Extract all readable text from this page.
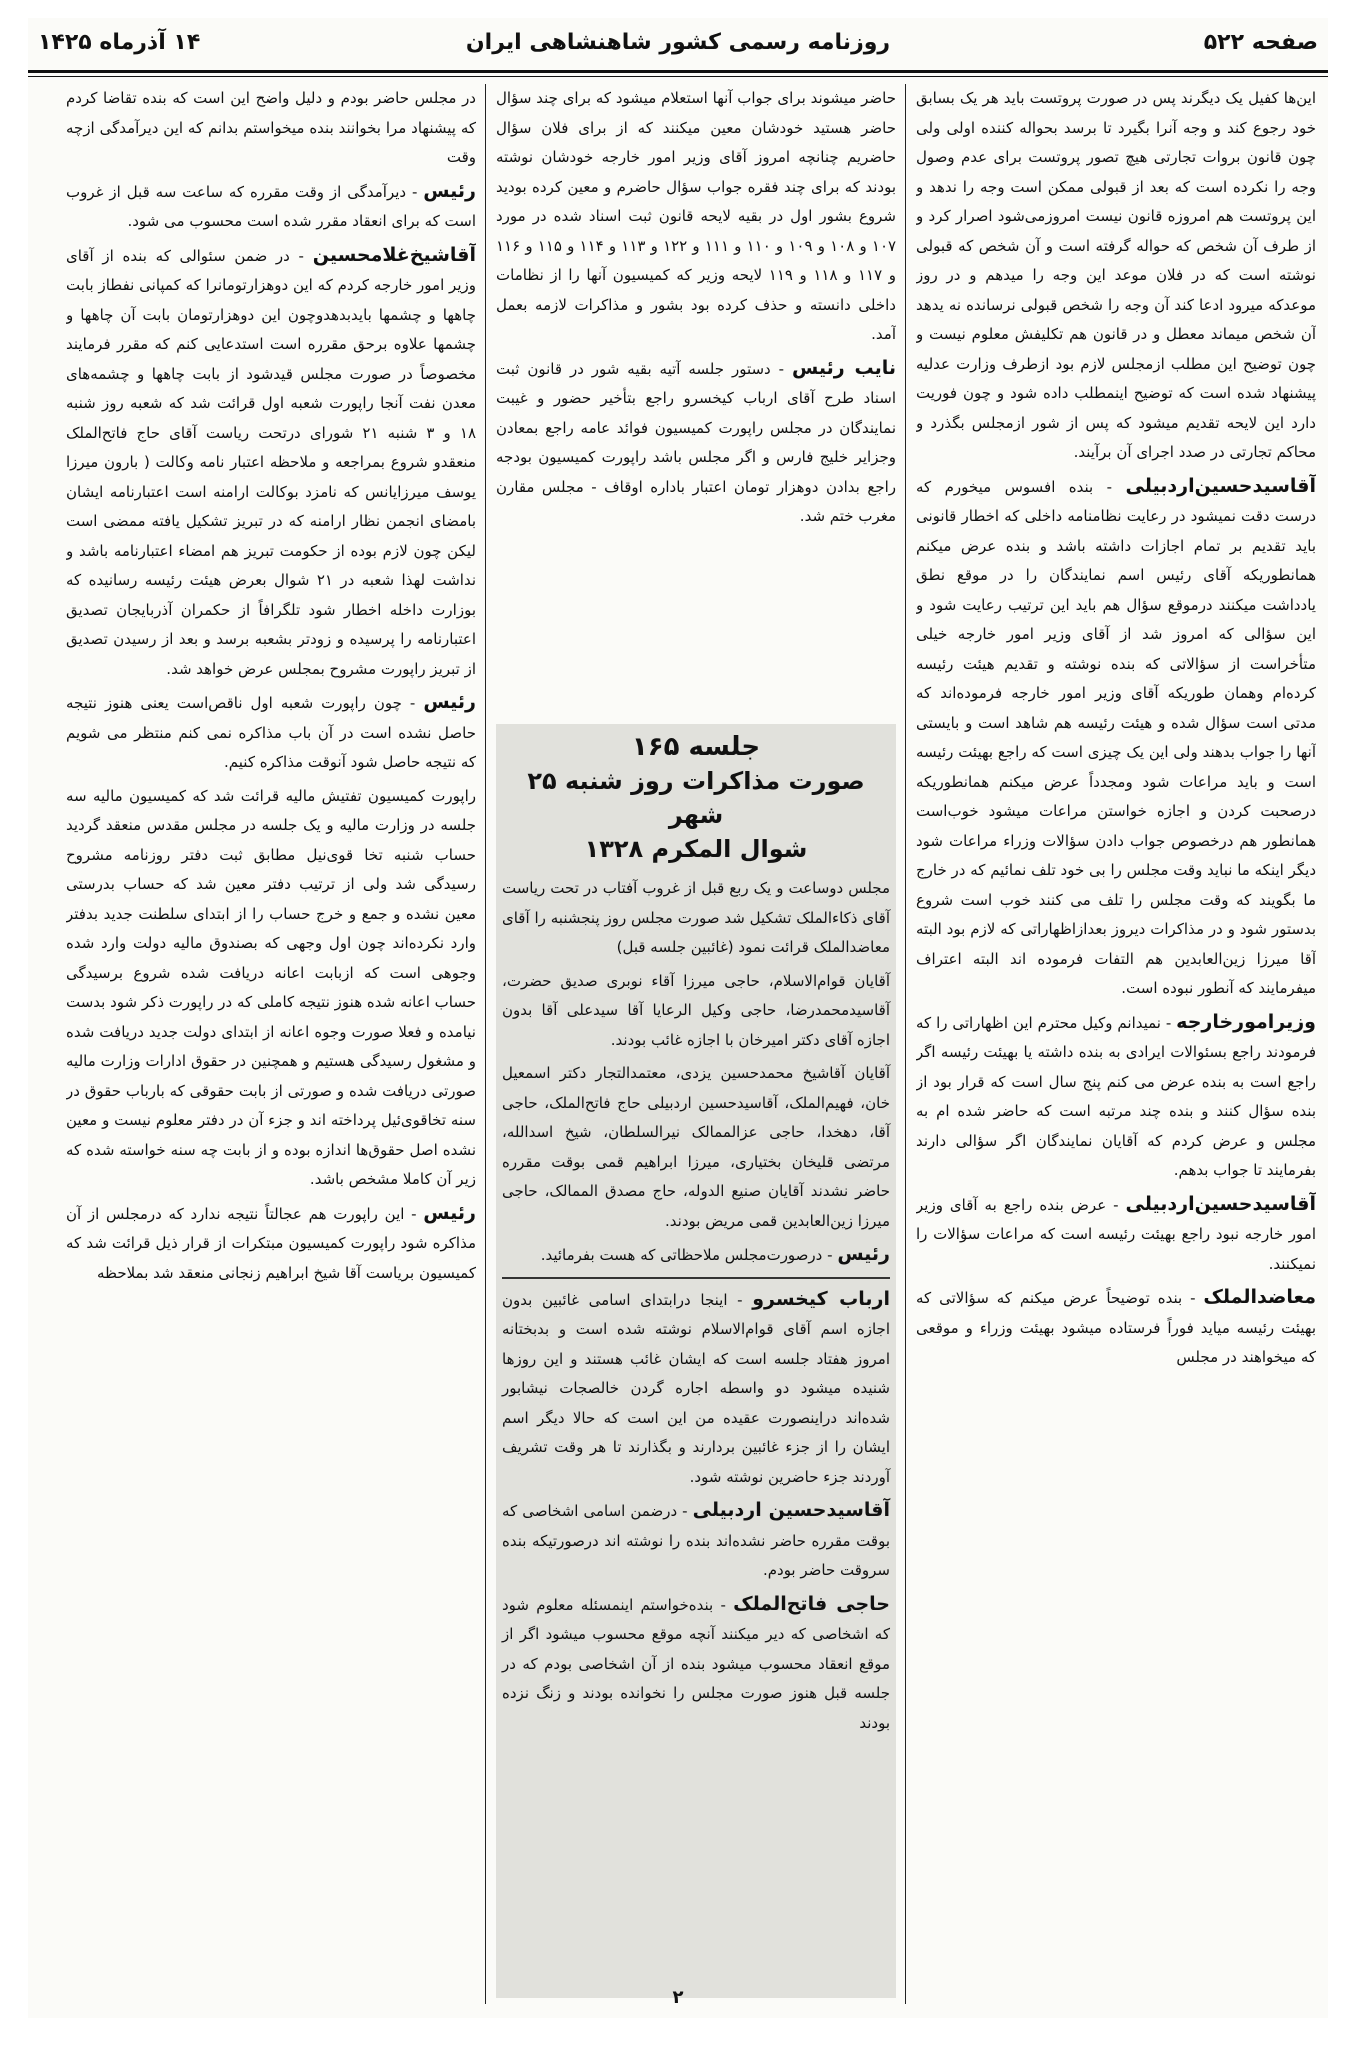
صفحه ۵۲۲
روزنامه رسمی کشور شاهنشاهی ایران
۱۴ آذرماه ۱۴۲۵

این‌ها کفیل یک دیگرند پس در صورت پروتست باید هر یک بسابق خود رجوع کند و وجه آنرا بگیرد تا برسد بحواله کننده اولی ولی چون قانون بروات تجارتی هیچ تصور پروتست برای عدم وصول وجه را نکرده است که بعد از قبولی ممکن است وجه را ندهد و این پروتست هم امروزه قانون نیست امروزمی‌شود اصرار کرد و از طرف آن شخص که حواله گرفته است و آن شخص که قبولی نوشته است که در فلان موعد این وجه را میدهم و در روز موعدکه میرود ادعا کند آن وجه را شخص قبولی نرسانده نه یدهد آن شخص میماند معطل و در قانون هم تکلیفش معلوم نیست و چون توضیح این مطلب ازمجلس لازم بود ازطرف وزارت عدلیه پیشنهاد شده است که توضیح اینمطلب داده شود و چون فوریت دارد این لایحه تقدیم میشود که پس از شور ازمجلس بگذرد و محاکم تجارتی در صدد اجرای آن برآیند.

آقاسیدحسین‌اردبیلی - بنده افسوس میخورم که درست دقت نمیشود در رعایت نظامنامه داخلی که اخطار قانونی باید تقدیم بر تمام اجازات داشته باشد و بنده عرض میکنم همانطوریکه آقای رئیس اسم نمایندگان را در موقع نطق یادداشت میکنند درموقع سؤال هم باید این ترتیب رعایت شود و این سؤالی که امروز شد از آقای وزیر امور خارجه خیلی متأخراست از سؤالاتی که بنده نوشته و تقدیم هیئت رئیسه کرده‌ام وهمان طوریکه آقای وزیر امور خارجه فرموده‌اند که مدتی است سؤال شده و هیئت رئیسه هم شاهد است و بایستی آنها را جواب بدهند ولی این یک چیزی است که راجع بهیئت رئیسه است و باید مراعات شود ومجدداً عرض میکنم همانطوریکه درصحبت کردن و اجازه خواستن مراعات میشود خوب‌است همانطور هم درخصوص جواب دادن سؤالات وزراء مراعات شود دیگر اینکه ما نباید وقت مجلس را بی خود تلف نمائیم که در خارج ما بگویند که وقت مجلس را تلف می کنند خوب است شروع بدستور شود و در مذاکرات دیروز بعدازاظهاراتی که لازم بود البته آقا میرزا زین‌العابدین هم التفات فرموده اند البته اعتراف میفرمایند که آنطور نبوده است.

وزیرامورخارجه - نمیدانم وکیل محترم این اظهاراتی را که فرمودند راجع بسئوالات ایرادی به بنده داشته یا بهیئت رئیسه اگر راجع است به بنده عرض می کنم پنج سال است که قرار بود از بنده سؤال کنند و بنده چند مرتبه است که حاضر شده ام به مجلس و عرض کردم که آقایان نمایندگان اگر سؤالی دارند بفرمایند تا جواب بدهم.

آقاسیدحسین‌اردبیلی - عرض بنده راجع به آقای وزیر امور خارجه نبود راجع بهیئت رئیسه است که مراعات سؤالات را نمیکنند.

معاضدالملک - بنده توضیحاً عرض میکنم که سؤالاتی که بهیئت رئیسه میاید فوراً فرستاده میشود بهیئت وزراء و موقعی که میخواهند در مجلس

حاضر میشوند برای جواب آنها استعلام میشود که برای چند سؤال حاضر هستید خودشان معین میکنند که از برای فلان سؤال حاضریم چنانچه امروز آقای وزیر امور خارجه خودشان نوشته بودند که برای چند فقره جواب سؤال حاضرم و معین کرده بودید شروع بشور اول در بقیه لایحه قانون ثبت اسناد شده در مورد ۱۰۷ و ۱۰۸ و ۱۰۹ و ۱۱۰ و ۱۱۱ و ۱۲۲ و ۱۱۳ و ۱۱۴ و ۱۱۵ و ۱۱۶ و ۱۱۷ و ۱۱۸ و ۱۱۹ لایحه وزیر که کمیسیون آنها را از نظامات داخلی دانسته و حذف کرده بود بشور و مذاکرات لازمه بعمل آمد.

نایب رئیس - دستور جلسه آتیه بقیه شور در قانون ثبت اسناد طرح آقای ارباب کیخسرو راجع بتأخیر حضور و غیبت نمایندگان در مجلس راپورت کمیسیون فوائد عامه راجع بمعادن وجزایر خلیج فارس و اگر مجلس باشد راپورت کمیسیون بودجه راجع بدادن دوهزار تومان اعتبار باداره اوقاف - مجلس مقارن مغرب ختم شد.

جلسه ۱۶۵
صورت مذاکرات روز شنبه ۲۵ شهر
شوال المکرم ۱۳۲۸

مجلس دوساعت و یک ربع قبل از غروب آفتاب در تحت ریاست آقای ذکاءالملک تشکیل شد صورت مجلس روز پنجشنبه را آقای معاضدالملک قرائت نمود (غائبین جلسه قبل)

آقایان قوام‌الاسلام، حاجی میرزا آقاء نوبری صدیق حضرت، آقاسیدمحمدرضا، حاجی وکیل الرعایا آقا سیدعلی آقا بدون اجازه آقای دکتر امیرخان با اجازه غائب بودند.

آقایان آقاشیخ محمدحسین یزدی، معتمدالتجار دکتر اسمعیل خان، فهیم‌الملک، آقاسیدحسین اردبیلی حاج فاتح‌الملک، حاجی آقا، دهخدا، حاجی عزالممالک نیرالسلطان، شیخ اسدالله، مرتضی قلیخان بختیاری، میرزا ابراهیم قمی بوقت مقرره حاضر نشدند آقایان صنیع الدوله، حاج مصدق الممالک، حاجی میرزا زین‌العابدین قمی مریض بودند.

رئیس - درصورت‌مجلس ملاحظاتی که هست بفرمائید.

ارباب کیخسرو - اینجا درابتدای اسامی غائبین بدون اجازه اسم آقای قوام‌الاسلام نوشته شده است و بدبختانه امروز هفتاد جلسه است که ایشان غائب هستند و این روزها شنیده میشود دو واسطه اجاره گردن خالصجات نیشابور شده‌اند دراینصورت عقیده من این است که حالا دیگر اسم ایشان را از جزء غائبین بردارند و بگذارند تا هر وقت تشریف آوردند جزء حاضرین نوشته شود.

آقاسیدحسین اردبیلی - درضمن اسامی اشخاصی که بوقت مقرره حاضر نشده‌اند بنده را نوشته اند درصورتیکه بنده سروقت حاضر بودم.

حاجی فاتح‌الملک - بنده‌خواستم اینمسئله معلوم شود که اشخاصی که دیر میکنند آنچه موقع محسوب میشود اگر از موقع انعقاد محسوب میشود بنده از آن اشخاصی بودم که در جلسه قبل هنوز صورت مجلس را نخوانده بودند و زنگ نزده بودند

در مجلس حاضر بودم و دلیل واضح این است که بنده تقاضا کردم که پیشنهاد مرا بخوانند بنده میخواستم بدانم که این دیرآمدگی ازچه وقت

رئیس - دیرآمدگی از وقت مقرره که ساعت سه قبل از غروب است که برای انعقاد مقرر شده است محسوب می شود.

آقاشیخ‌غلامحسین - در ضمن سئوالی که بنده از آقای وزیر امور خارجه کردم که این دوهزارتومانرا که کمپانی نفطاز بابت چاهها و چشمها بایدبدهدوچون این دوهزارتومان بابت آن چاهها و چشمها علاوه برحق مقرره است استدعایی کنم که مقرر فرمایند مخصوصاً در صورت مجلس قیدشود از بابت چاهها و چشمه‌های معدن نفت آنجا راپورت شعبه اول قرائت شد که شعبه روز شنبه ۱۸ و ۳ شنبه ۲۱ شورای درتحت ریاست آقای حاج فاتح‌الملک منعقدو شروع بمراجعه و ملاحظه اعتبار نامه وکالت ( بارون میرزا یوسف میرزایانس که نامزد بوکالت ارامنه است اعتبارنامه ایشان بامضای انجمن نظار ارامنه که در تبریز تشکیل یافته ممضی است لیکن چون لازم بوده از حکومت تبریز هم امضاء اعتبارنامه باشد و نداشت لهذا شعبه در ۲۱ شوال بعرض هیئت رئیسه رسانیده که بوزارت داخله اخطار شود تلگرافاً از حکمران آذربایجان تصدیق اعتبارنامه را پرسیده و زودتر بشعبه برسد و بعد از رسیدن تصدیق از تبریز راپورت مشروح بمجلس عرض خواهد شد.

رئیس - چون راپورت شعبه اول ناقص‌است یعنی هنوز نتیجه حاصل نشده است در آن باب مذاکره نمی کنم منتظر می شویم که نتیجه حاصل شود آنوقت مذاکره کنیم.

راپورت کمیسیون تفتیش مالیه قرائت شد که کمیسیون مالیه سه جلسه در وزارت مالیه و یک جلسه در مجلس مقدس منعقد گردید حساب شنبه تخا قوی‌نیل مطابق ثبت دفتر روزنامه مشروح رسیدگی شد ولی از ترتیب دفتر معین شد که حساب بدرستی معین نشده و جمع و خرج حساب را از ابتدای سلطنت جدید بدفتر وارد نکرده‌اند چون اول وجهی که بصندوق مالیه دولت وارد شده وجوهی است که ازبابت اعانه دریافت شده شروع برسیدگی حساب اعانه شده هنوز نتیجه کاملی که در راپورت ذکر شود بدست نیامده و فعلا صورت وجوه اعانه از ابتدای دولت جدید دریافت شده و مشغول رسیدگی هستیم و همچنین در حقوق ادارات وزارت مالیه صورتی دریافت شده و صورتی از بابت حقوقی که بارباب حقوق در سنه تخاقوی‌ئیل پرداخته اند و جزء آن در دفتر معلوم نیست و معین نشده اصل حقوق‌ها اندازه بوده و از بابت چه سنه خواسته شده که زیر آن کاملا مشخص باشد.

رئیس - این راپورت هم عجالتاً نتیجه ندارد که درمجلس از آن مذاکره شود راپورت کمیسیون مبتکرات از قرار ذیل قرائت شد که کمیسیون بریاست آقا شیخ ابراهیم زنجانی منعقد شد بملاحظه

۲
